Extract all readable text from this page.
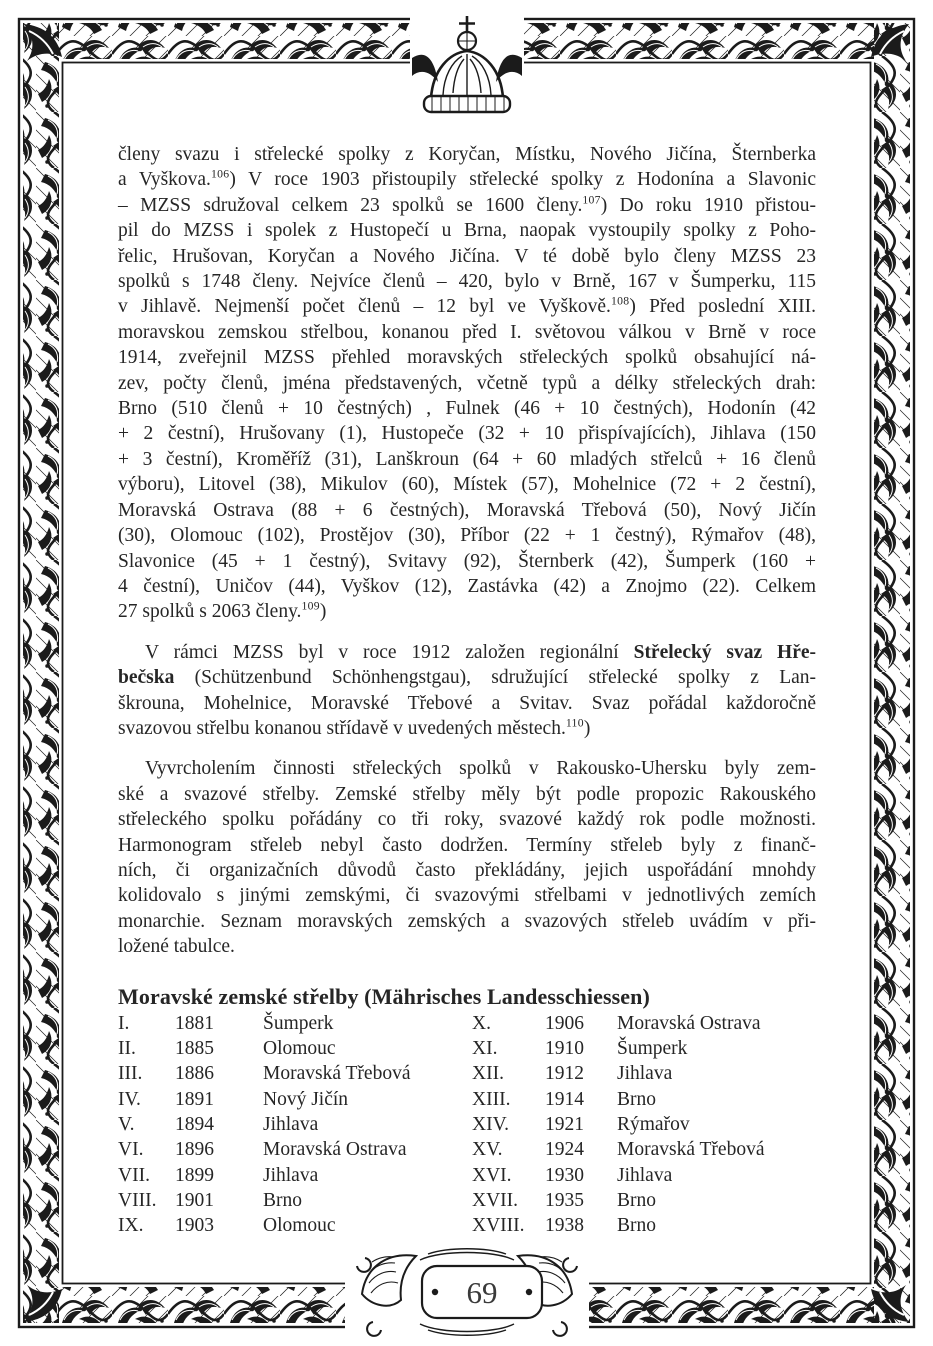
69
členy svazu i střelecké spolky z Koryčan, Místku, Nového Jičína, Šternberka
a Vyškova.$^{106}$) V roce 1903 přistoupily střelecké spolky z Hodonína a Slavonic
– MZSS sdružoval celkem 23 spolků se 1600 členy.$^{107}$) Do roku 1910 přistou-
pil do MZSS i spolek z Hustopečí u Brna, naopak vystoupily spolky z Poho-
řelic, Hrušovan, Koryčan a Nového Jičína. V té době bylo členy MZSS 23
spolků s 1748 členy. Nejvíce členů – 420, bylo v Brně, 167 v Šumperku, 115
v Jihlavě. Nejmenší počet členů – 12 byl ve Vyškově.$^{108}$) Před poslední XIII.
moravskou zemskou střelbou, konanou před I. světovou válkou v Brně v roce
1914, zveřejnil MZSS přehled moravských střeleckých spolků obsahující ná-
zev, počty členů, jména představených, včetně typů a délky střeleckých drah:
Brno (510 členů + 10 čestných) , Fulnek (46 + 10 čestných), Hodonín (42
+ 2 čestní), Hrušovany (1), Hustopeče (32 + 10 přispívajících), Jihlava (150
+ 3 čestní), Kroměříž (31), Lanškroun (64 + 60 mladých střelců + 16 členů
výboru), Litovel (38), Mikulov (60), Místek (57), Mohelnice (72 + 2 čestní),
Moravská Ostrava (88 + 6 čestných), Moravská Třebová (50), Nový Jičín
(30), Olomouc (102), Prostějov (30), Příbor (22 + 1 čestný), Rýmařov (48),
Slavonice (45 + 1 čestný), Svitavy (92), Šternberk (42), Šumperk (160 +
4 čestní), Uničov (44), Vyškov (12), Zastávka (42) a Znojmo (22). Celkem
27 spolků s 2063 členy.$^{109}$)
V rámci MZSS byl v roce 1912 založen regionální Střelecký svaz Hře-
bečska (Schützenbund Schönhengstgau), sdružující střelecké spolky z Lan-
škrouna, Mohelnice, Moravské Třebové a Svitav. Svaz pořádal každoročně
svazovou střelbu konanou střídavě v uvedených městech.$^{110}$)
Vyvrcholením činnosti střeleckých spolků v Rakousko-Uhersku byly zem-
ské a svazové střelby. Zemské střelby měly být podle propozic Rakouského
střeleckého spolku pořádány co tři roky, svazové každý rok podle možnosti.
Harmonogram střeleb nebyl často dodržen. Termíny střeleb byly z finanč-
ních, či organizačních důvodů často překládány, jejich uspořádání mnohdy
kolidovalo s jinými zemskými, či svazovými střelbami v jednotlivých zemích
monarchie. Seznam moravských zemských a svazových střeleb uvádím v při-
ložené tabulce.
Moravské zemské střelby (Mährisches Landesschiessen)
I.	1881	Šumperk	X.	1906	Moravská Ostrava
II.	1885	Olomouc	XI.	1910	Šumperk
III.	1886	Moravská Třebová	XII.	1912	Jihlava
IV.	1891	Nový Jičín	XIII.	1914	Brno
V.	1894	Jihlava	XIV.	1921	Rýmařov
VI.	1896	Moravská Ostrava	XV.	1924	Moravská Třebová
VII.	1899	Jihlava	XVI.	1930	Jihlava
VIII. 1901	Brno	XVII.	1935	Brno
IX.	1903	Olomouc	XVIII.	1938	Brno
